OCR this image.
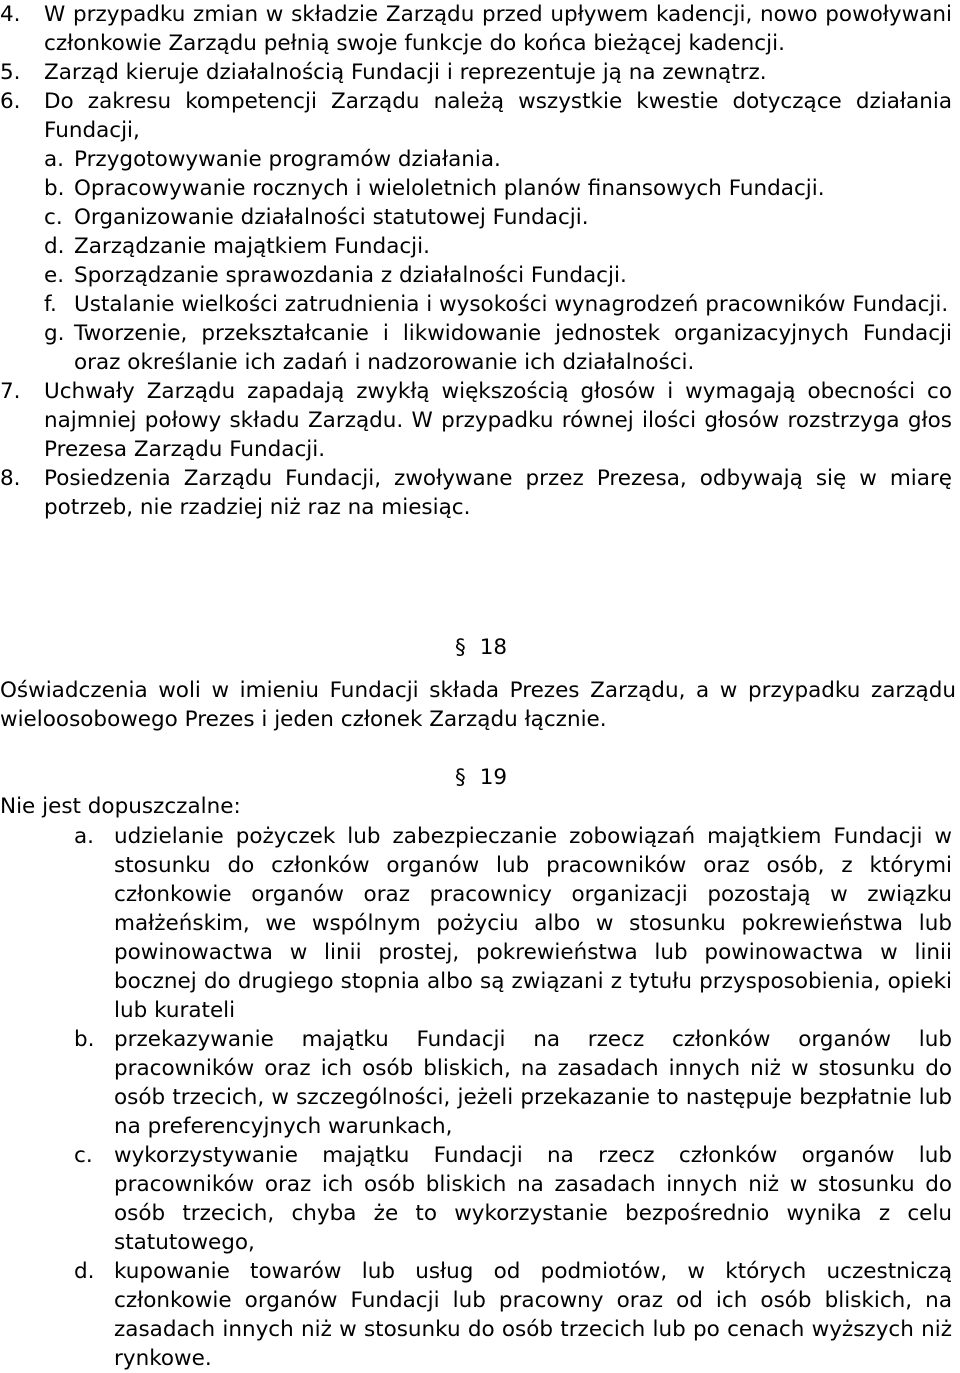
4.	W przypadku zmian w składzie Zarządu przed upływem kadencji, nowo powoływani członkowie Zarządu pełnią swoje funkcje do końca bieżącej kadencji.
5.	Zarząd kieruje działalnością Fundacji i reprezentuje ją na zewnątrz.
6.	Do zakresu kompetencji Zarządu należą wszystkie kwestie dotyczące działania Fundacji,
a. Przygotowywanie programów działania.
b. Opracowywanie rocznych i wieloletnich planów finansowych Fundacji.
c. Organizowanie działalności statutowej Fundacji.
d. Zarządzanie majątkiem Fundacji.
e. Sporządzanie sprawozdania z działalności Fundacji.
f. Ustalanie wielkości zatrudnienia i wysokości wynagrodzeń pracowników Fundacji.
g. Tworzenie, przekształcanie i likwidowanie jednostek organizacyjnych Fundacji oraz określanie ich zadań i nadzorowanie ich działalności.
7.	Uchwały Zarządu zapadają zwykłą większością głosów i wymagają obecności co najmniej połowy składu Zarządu. W przypadku równej ilości głosów rozstrzyga głos Prezesa Zarządu Fundacji.
8.	Posiedzenia Zarządu Fundacji, zwoływane przez Prezesa, odbywają się w miarę potrzeb, nie rzadziej niż raz na miesiąc.
§ 18
Oświadczenia woli w imieniu Fundacji składa Prezes Zarządu, a w przypadku zarządu wieloosobowego Prezes i jeden członek Zarządu łącznie.
§ 19
Nie jest dopuszczalne:
a. udzielanie pożyczek lub zabezpieczanie zobowiązań majątkiem Fundacji w stosunku do członków organów lub pracowników oraz osób, z którymi członkowie organów oraz pracownicy organizacji pozostają w związku małżeńskim, we wspólnym pożyciu albo w stosunku pokrewieństwa lub powinowactwa w linii prostej, pokrewieństwa lub powinowactwa w linii bocznej do drugiego stopnia albo są związani z tytułu przysposobienia, opieki lub kurateli
b. przekazywanie majątku Fundacji na rzecz członków organów lub pracowników oraz ich osób bliskich, na zasadach innych niż w stosunku do osób trzecich, w szczególności, jeżeli przekazanie to następuje bezpłatnie lub na preferencyjnych warunkach,
c. wykorzystywanie majątku Fundacji na rzecz członków organów lub pracowników oraz ich osób bliskich na zasadach innych niż w stosunku do osób trzecich, chyba że to wykorzystanie bezpośrednio wynika z celu statutowego,
d. kupowanie towarów lub usług od podmiotów, w których uczestniczą członkowie organów Fundacji lub pracowny oraz od ich osób bliskich, na zasadach innych niż w stosunku do osób trzecich lub po cenach wyższych niż rynkowe.
